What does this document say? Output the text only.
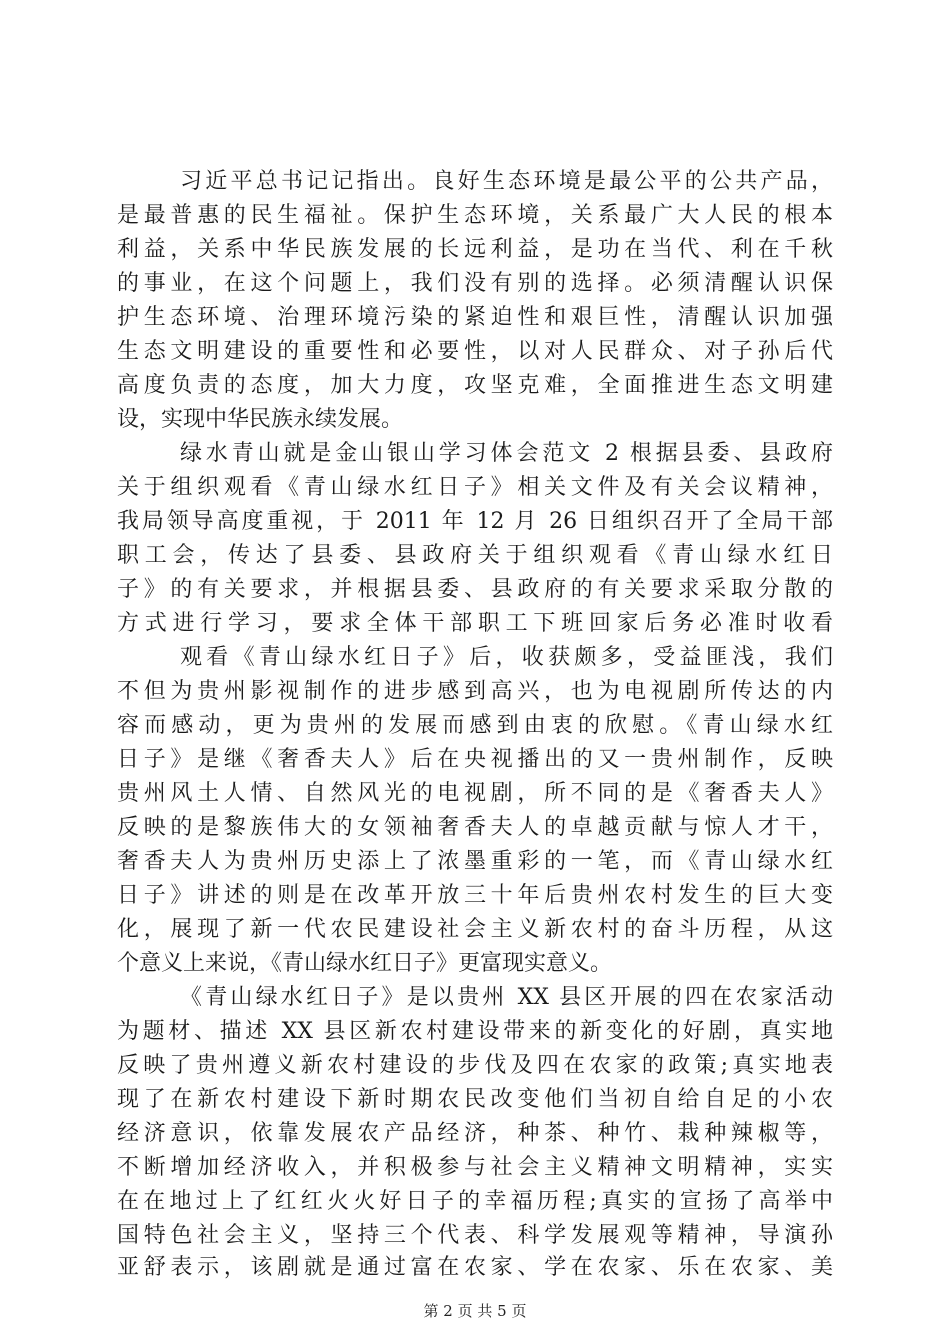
习近平总书记记指出。良好生态环境是最公平的公共产品，
是最普惠的民生福祉。保护生态环境，关系最广大人民的根本
利益，关系中华民族发展的长远利益，是功在当代、利在千秋
的事业，在这个问题上，我们没有别的选择。必须清醒认识保
护生态环境、治理环境污染的紧迫性和艰巨性，清醒认识加强
生态文明建设的重要性和必要性，以对人民群众、对子孙后代
高度负责的态度，加大力度，攻坚克难，全面推进生态文明建
设，实现中华民族永续发展。
绿水青山就是金山银山学习体会范文 2 根据县委、县政府
关于组织观看《青山绿水红日子》相关文件及有关会议精神，
我局领导高度重视，于 2011 年 12 月 26 日组织召开了全局干部
职工会，传达了县委、县政府关于组织观看《青山绿水红日
子》的有关要求，并根据县委、县政府的有关要求采取分散的
方式进行学习，要求全体干部职工下班回家后务必准时收看
观看《青山绿水红日子》后，收获颇多，受益匪浅，我们
不但为贵州影视制作的进步感到高兴，也为电视剧所传达的内
容而感动，更为贵州的发展而感到由衷的欣慰。《青山绿水红
日子》是继《奢香夫人》后在央视播出的又一贵州制作，反映
贵州风土人情、自然风光的电视剧，所不同的是《奢香夫人》
反映的是黎族伟大的女领袖奢香夫人的卓越贡献与惊人才干，
奢香夫人为贵州历史添上了浓墨重彩的一笔，而《青山绿水红
日子》讲述的则是在改革开放三十年后贵州农村发生的巨大变
化，展现了新一代农民建设社会主义新农村的奋斗历程，从这
个意义上来说，《青山绿水红日子》更富现实意义。
《青山绿水红日子》是以贵州 XX 县区开展的四在农家活动
为题材、描述 XX 县区新农村建设带来的新变化的好剧，真实地
反映了贵州遵义新农村建设的步伐及四在农家的政策;真实地表
现了在新农村建设下新时期农民改变他们当初自给自足的小农
经济意识，依靠发展农产品经济，种茶、种竹、栽种辣椒等，
不断增加经济收入，并积极参与社会主义精神文明精神，实实
在在地过上了红红火火好日子的幸福历程;真实的宣扬了高举中
国特色社会主义，坚持三个代表、科学发展观等精神，导演孙
亚舒表示，该剧就是通过富在农家、学在农家、乐在农家、美
第 2 页 共 5 页
